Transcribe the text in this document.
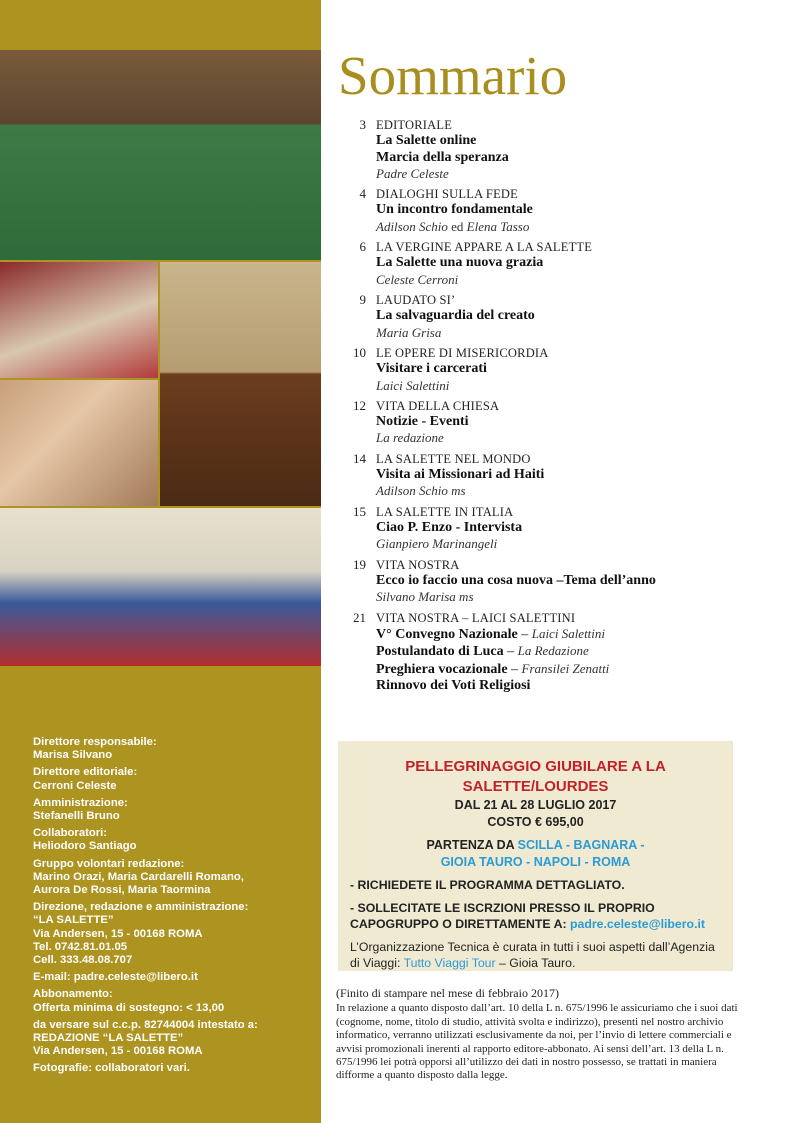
Direttore responsabile:
Marisa Silvano
Direttore editoriale:
Cerroni Celeste
Amministrazione:
Stefanelli Bruno
Collaboratori:
Heliodoro Santiago
Gruppo volontari redazione:
Marino Orazi, Maria Cardarelli Romano,
Aurora De Rossi, Maria Taormina
Direzione, redazione e amministrazione:
“LA SALETTE”
Via Andersen, 15 - 00168 ROMA
Tel. 0742.81.01.05
Cell. 333.48.08.707
E-mail: padre.celeste@libero.it
Abbonamento:
Offerta minima di sostegno: < 13,00
da versare sul c.c.p. 82744004 intestato a:
REDAZIONE “LA SALETTE”
Via Andersen, 15 - 00168 ROMA
Fotografie: collaboratori vari.
Sommario
3 EDITORIALE
La Salette online
Marcia della speranza
Padre Celeste
4 DIALOGHI SULLA FEDE
Un incontro fondamentale
Adilson Schio ed Elena Tasso
6 LA VERGINE APPARE A LA SALETTE
La Salette una nuova grazia
Celeste Cerroni
9 LAUDATO SI’
La salvaguardia del creato
Maria Grisa
10 LE OPERE DI MISERICORDIA
Visitare i carcerati
Laici Salettini
12 VITA DELLA CHIESA
Notizie - Eventi
La redazione
14 LA SALETTE NEL MONDO
Visita ai Missionari ad Haiti
Adilson Schio ms
15 LA SALETTE IN ITALIA
Ciao P. Enzo - Intervista
Gianpiero Marinangeli
19 VITA NOSTRA
Ecco io faccio una cosa nuova –Tema dell’anno
Silvano Marisa ms
21 VITA NOSTRA – LAICI SALETTINI
V° Convegno Nazionale – Laici Salettini
Postulandato di Luca – La Redazione
Preghiera vocazionale – Fransilei Zenatti
Rinnovo dei Voti Religiosi
PELLEGRINAGGIO GIUBILARE A LA SALETTE/LOURDES
DAL 21 AL 28 LUGLIO 2017
COSTO € 695,00
PARTENZA DA SCILLA - BAGNARA -
GIOIA TAURO - NAPOLI - ROMA
- RICHIEDETE IL PROGRAMMA DETTAGLIATO.
- SOLLECITATE LE ISCRZIONI PRESSO IL PROPRIO CAPOGRUPPO O DIRETTAMENTE A: padre.celeste@libero.it
L’Organizzazione Tecnica è curata in tutti i suoi aspetti dall’Agenzia di Viaggi: Tutto Viaggi Tour – Gioia Tauro.
(Finito di stampare nel mese di febbraio 2017)
In relazione a quanto disposto dall’art. 10 della L n. 675/1996 le assicuriamo che i suoi dati (cognome, nome, titolo di studio, attività svolta e indirizzo), presenti nel nostro archivio informatico, verranno utilizzati esclusivamente da noi, per l’invio di lettere commerciali e avvisi promozionali inerenti al rapporto editore-abbonato. Ai sensi dell’art. 13 della L n. 675/1996 lei potrà opporsi all’utilizzo dei dati in nostro possesso, se trattati in maniera difforme a quanto disposto dalla legge.
